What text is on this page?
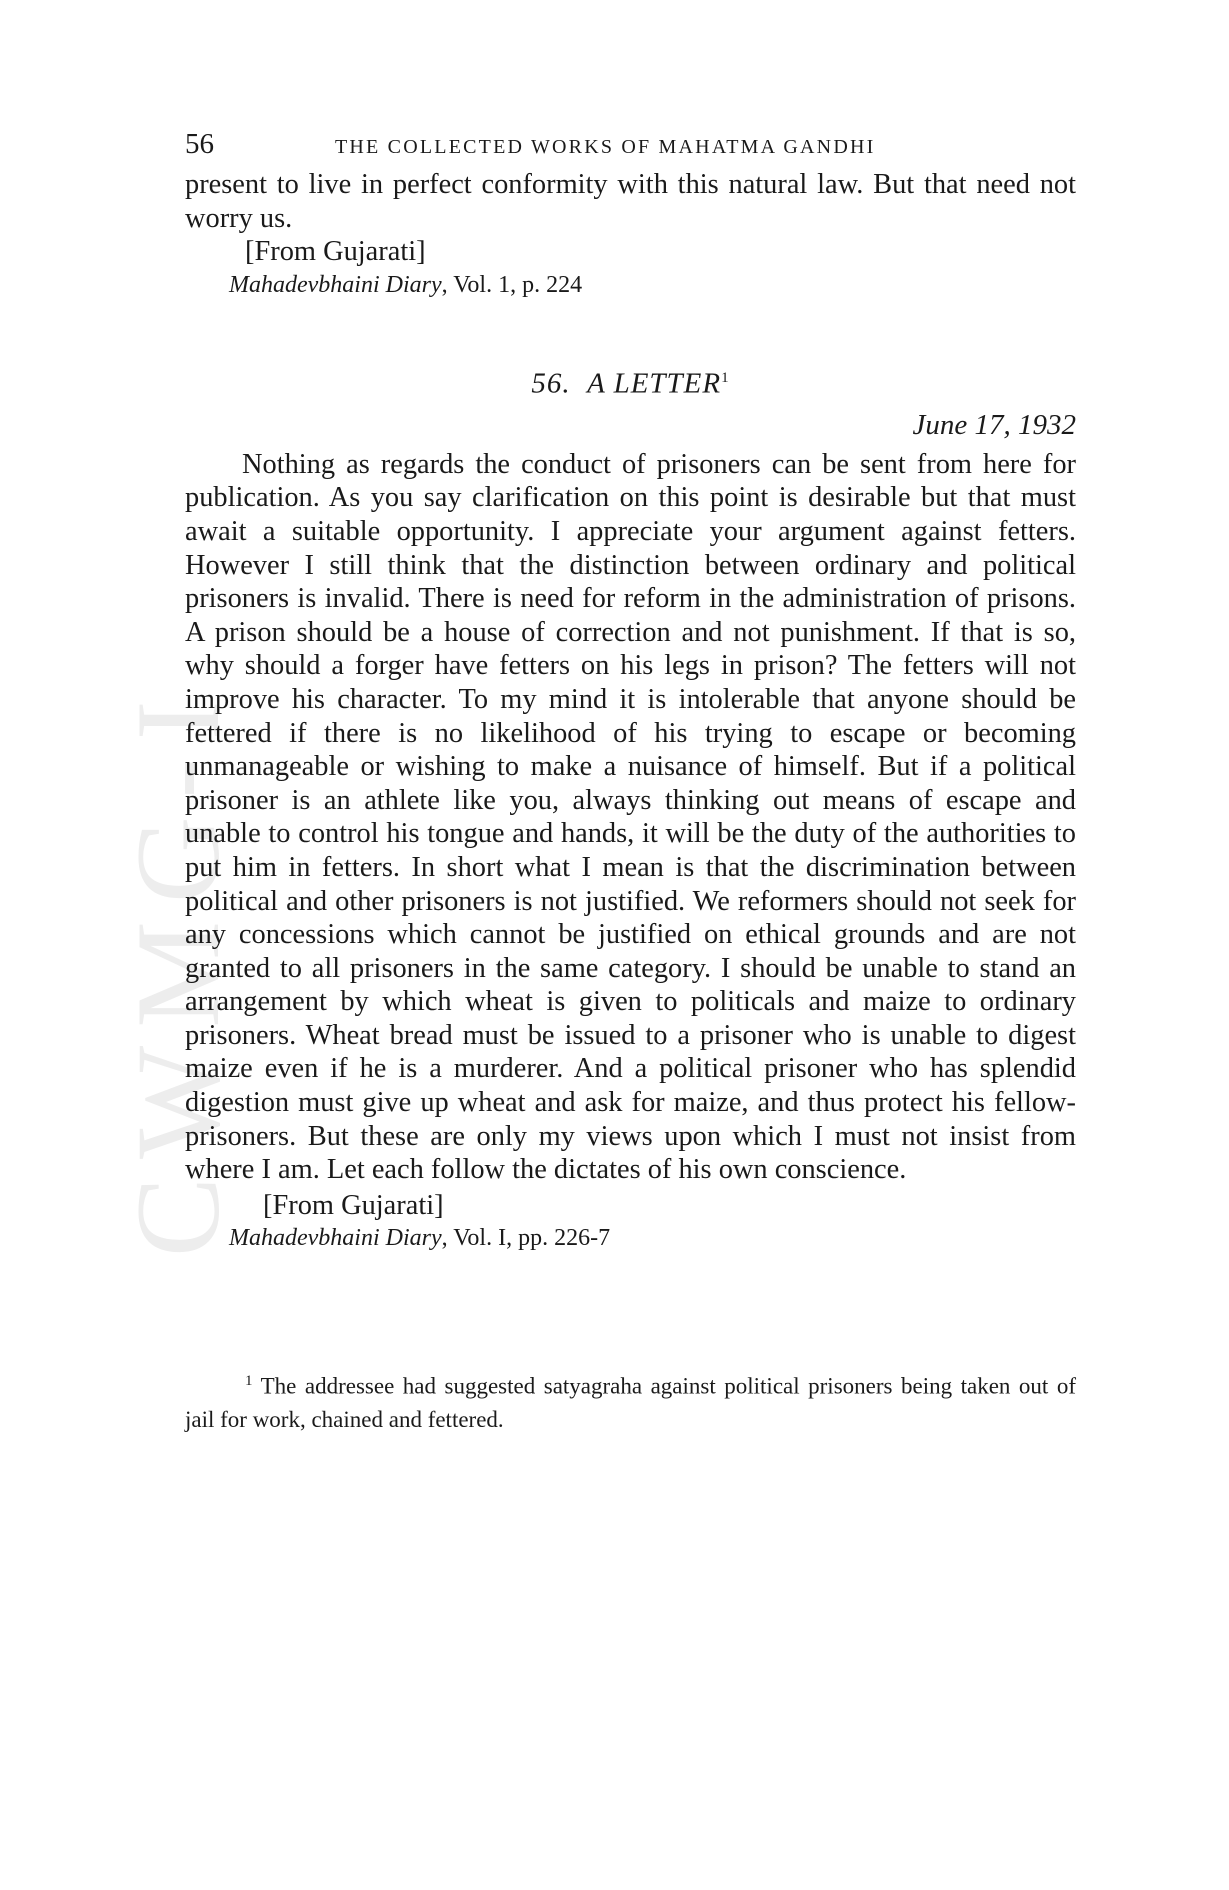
CWMG-I
56	THE COLLECTED WORKS OF MAHATMA GANDHI

present to live in perfect conformity with this natural law. But that need not worry us.

[From Gujarati]
Mahadevbhaini Diary, Vol. 1, p. 224
56. A LETTER$^1$
June 17, 1932

Nothing as regards the conduct of prisoners can be sent from here for publication. As you say clarification on this point is desirable but that must await a suitable opportunity. I appreciate your argument against fetters. However I still think that the distinction between ordinary and political prisoners is invalid. There is need for reform in the administration of prisons. A prison should be a house of correction and not punishment. If that is so, why should a forger have fetters on his legs in prison? The fetters will not improve his character. To my mind it is intolerable that anyone should be fettered if there is no likelihood of his trying to escape or becoming unmanageable or wishing to make a nuisance of himself. But if a political prisoner is an athlete like you, always thinking out means of escape and unable to control his tongue and hands, it will be the duty of the authorities to put him in fetters. In short what I mean is that the discrimination between political and other prisoners is not justified. We reformers should not seek for any concessions which cannot be justified on ethical grounds and are not granted to all prisoners in the same category. I should be unable to stand an arrangement by which wheat is given to politicals and maize to ordinary prisoners. Wheat bread must be issued to a prisoner who is unable to digest maize even if he is a murderer. And a political prisoner who has splendid digestion must give up wheat and ask for maize, and thus protect his fellow-prisoners. But these are only my views upon which I must not insist from where I am. Let each follow the dictates of his own conscience.

[From Gujarati]
Mahadevbhaini Diary, Vol. I, pp. 226-7
$^1$ The addressee had suggested satyagraha against political prisoners being taken out of jail for work, chained and fettered.
